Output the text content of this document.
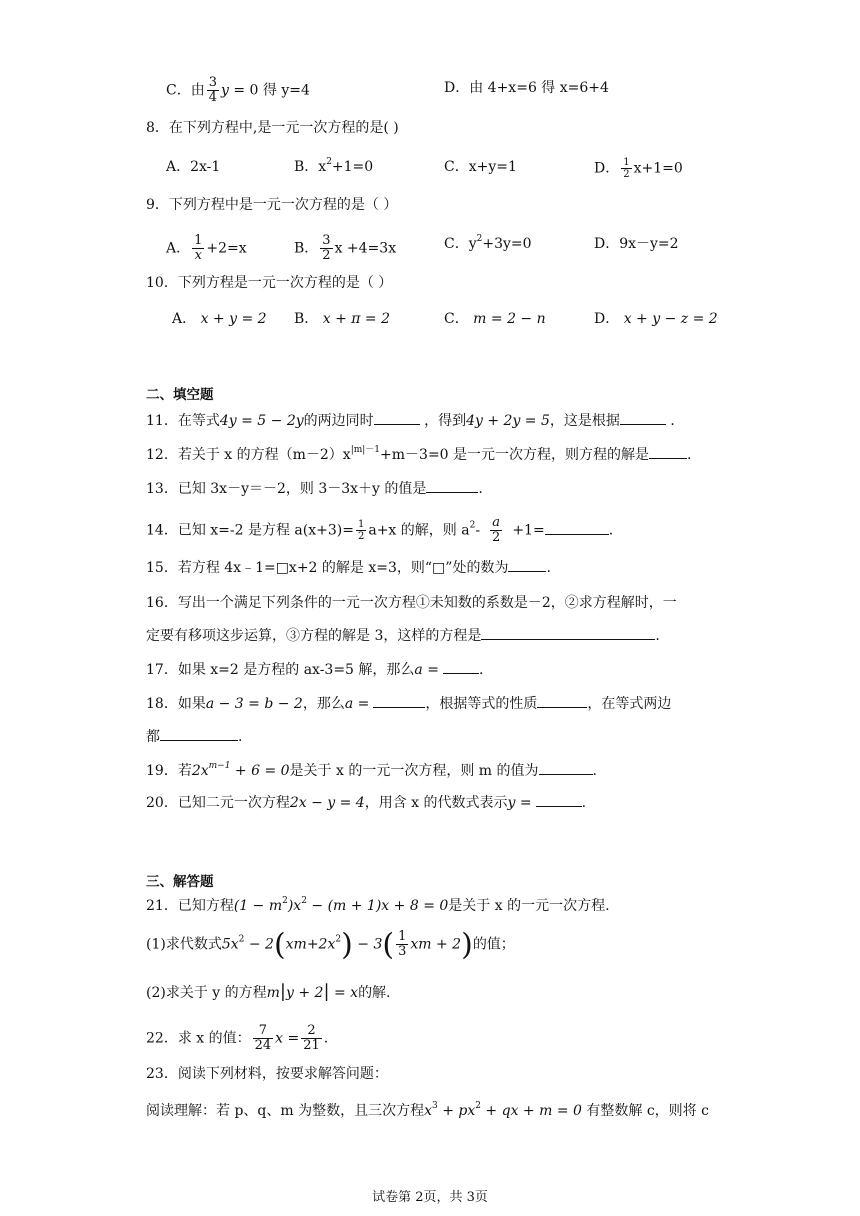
C．由 $\frac{3}{4}$ y = 0 得 y=4	D．由 4+x=6 得 x=6+4
8．在下列方程中,是一元一次方程的是( )
A．2x-1	B．$x^2+1=0$	C．x+y=1	D． $\frac{1}{2} x+1=0$
9．下列方程中是一元一次方程的是（ ）
A． $\frac{1}{x} +2=x$	B． $\frac{3}{2}$ x +4=3x	C．$y^2+3y=0$	D．9x－y=2
10．下列方程是一元一次方程的是（ ）
A． x + y = 2 B． x + π = 2	C． m = 2 − n	D． x + y − z = 2
二、填空题
11．在等式4y = 5 − 2y的两边同时	，得到4y + 2y = 5，这是根据	．
12．若关于 x 的方程$(m-2)x^{|m|-1}+m-3=0$ 是一元一次方程，则方程的解是	.
13．已知 3x－y＝－2，则 3－3x＋y 的值是	.
14．已知 x=-2 是方程 $a(x+3)= \frac{1}{2} a+x$ 的解，则 $a^2- \frac{a}{2} +1=$	.
15．若方程 4x﹣1=□x+2 的解是 x=3，则“□”处的数为	.
16．写出一个满足下列条件的一元一次方程①未知数的系数是－2，②求方程解时，一
定要有移项这步运算，③方程的解是 3，这样的方程是	.
17．如果 x=2 是方程的 ax-3=5 解，那么a =	.
18．如果a − 3 = b − 2，那么a =	，根据等式的性质	，在等式两边
都	.
19．若$2x^{m-1} + 6 = 0$是关于 x 的一元一次方程，则 m 的值为	.
20．已知二元一次方程2x − y = 4，用含 x 的代数式表示y =	.
三、解答题
21．已知方程$(1 - m^2)x^2 - (m + 1)x + 8 = 0$是关于 x 的一元一次方程.
(1)求代数式$5x^2 - 2(xm+2x^2) - 3( \frac{1}{3}$ xm + 2)的值；
(2)求关于 y 的方程m|y + 2| = x的解.
22．求 x 的值： $\frac{7}{24}$ $x = \frac{2}{21}$ .
23．阅读下列材料，按要求解答问题：
阅读理解：若 p、q、m 为整数，且三次方程$x^3 + px^2$ + qx + m = 0 有整数解 c，则将 c
试卷第 2页，共 3页
